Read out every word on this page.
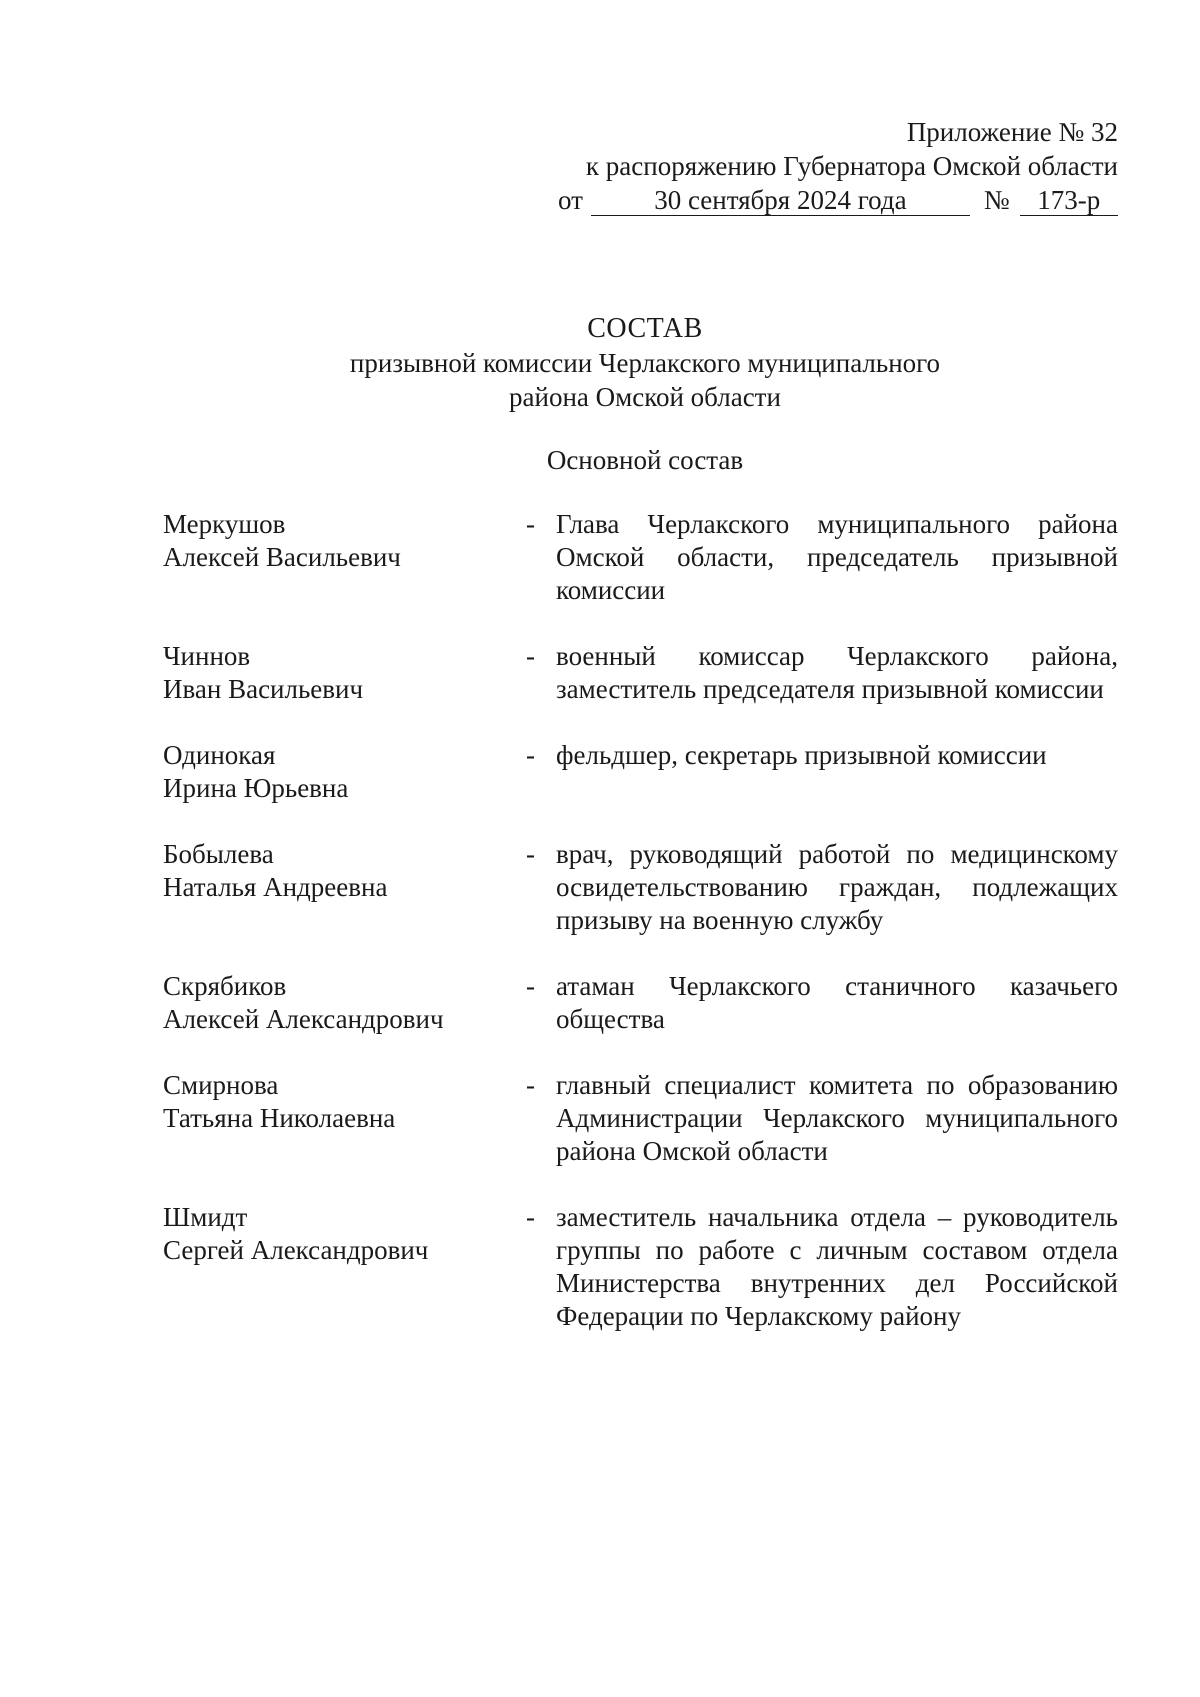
Приложение № 32
к распоряжению Губернатора Омской области
от	30 сентября 2024 года	№	173-р
СОСТАВ
призывной комиссии Черлакского муниципального
района Омской области
Основной состав
Меркушов
Алексей Васильевич
- Глава Черлакского муниципального района Омской области, председатель призывной комиссии
Чиннов
Иван Васильевич
- военный комиссар Черлакского района, заместитель председателя призывной комиссии
Одинокая
Ирина Юрьевна
- фельдшер, секретарь призывной комиссии
Бобылева
Наталья Андреевна
- врач, руководящий работой по медицинскому освидетельствованию граждан, подлежащих призыву на военную службу
Скрябиков
Алексей Александрович
- атаман Черлакского станичного казачьего общества
Смирнова
Татьяна Николаевна
- главный специалист комитета по образованию Администрации Черлакского муниципального района Омской области
Шмидт
Сергей Александрович
- заместитель начальника отдела – руководитель группы по работе с личным составом отдела Министерства внутренних дел Российской Федерации по Черлакскому району
